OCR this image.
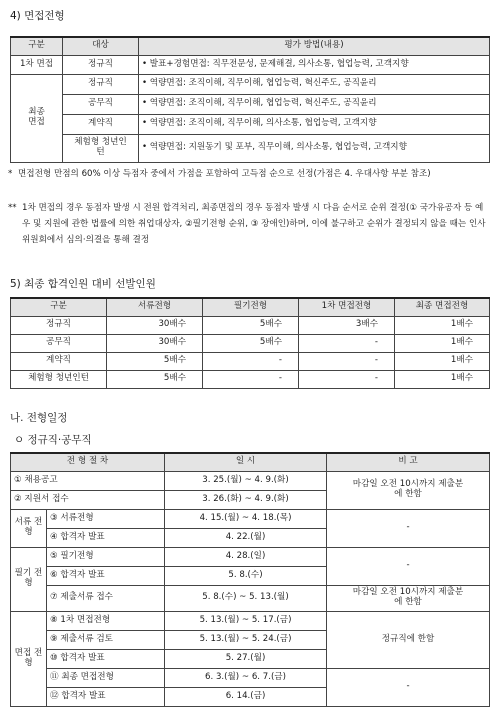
4) 면접전형

구분	대상	평가 방법(내용)
1차 면접	정규직	• 발표+경험면접: 직무전문성, 문제해결, 의사소통, 협업능력, 고객지향
최종 면접	정규직	• 역량면접: 조직이해, 직무이해, 협업능력, 혁신주도, 공직윤리
	공무직	• 역량면접: 조직이해, 직무이해, 협업능력, 혁신주도, 공직윤리
	계약직	• 역량면접: 조직이해, 직무이해, 의사소통, 협업능력, 고객지향
	체험형 청년인턴	• 역량면접: 지원동기 및 포부, 직무이해, 의사소통, 협업능력, 고객지향
* 면접전형 만점의 60% 이상 득점자 중에서 가점을 포함하여 고득점 순으로 선정(가점은 4. 우대사항 부분 참조)
** 1차 면접의 경우 동점자 발생 시 전원 합격처리, 최종면접의 경우 동점자 발생 시 다음 순서로 순위 결정(① 국가유공자 등 예우 및 지원에 관한 법률에 의한 취업대상자, ②필기전형 순위, ③ 장애인)하며, 이에 불구하고 순위가 결정되지 않을 때는 인사위원회에서 심의·의결을 통해 결정

5) 최종 합격인원 대비 선발인원

구분	서류전형	필기전형	1차 면접전형	최종 면접전형
정규직	30배수	5배수	3배수	1배수
공무직	30배수	5배수	-	1배수
계약직	5배수	-	-	1배수
체험형 청년인턴	5배수	-	-	1배수

나. 전형일정

ㅇ 정규직·공무직

전 형 절 차		일 시	비 고
① 채용공고		3. 25.(월) ~ 4. 9.(화)	마감일 오전 10시까지 제출분에 한함
② 지원서 접수		3. 26.(화) ~ 4. 9.(화)	
서류 전형	③ 서류전형	4. 15.(월) ~ 4. 18.(목)	-
	④ 합격자 발표	4. 22.(월)	
필기 전형	⑤ 필기전형	4. 28.(일)	-
	⑥ 합격자 발표	5. 8.(수)	
	⑦ 제출서류 접수	5. 8.(수) ~ 5. 13.(월)	마감일 오전 10시까지 제출분에 한함
면접 전형	⑧ 1차 면접전형	5. 13.(월) ~ 5. 17.(금)	정규직에 한함
	⑨ 제출서류 검토	5. 13.(월) ~ 5. 24.(금)	
	⑩ 합격자 발표	5. 27.(월)	
	⑪ 최종 면접전형	6. 3.(월) ~ 6. 7.(금)	-
	⑫ 합격자 발표	6. 14.(금)	
